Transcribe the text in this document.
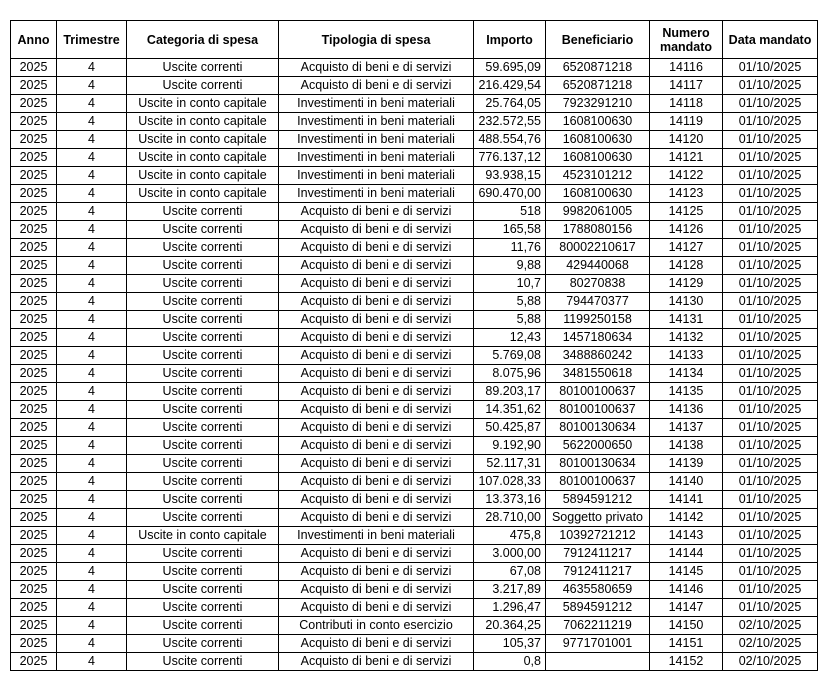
Anno	Trimestre	Categoria di spesa	Tipologia di spesa	Importo	Beneficiario	Numero mandato	Data mandato
2025	4	Uscite correnti	Acquisto di beni e di servizi	59.695,09	6520871218	14116	01/10/2025
2025	4	Uscite correnti	Acquisto di beni e di servizi	216.429,54	6520871218	14117	01/10/2025
2025	4	Uscite in conto capitale	Investimenti in beni materiali	25.764,05	7923291210	14118	01/10/2025
2025	4	Uscite in conto capitale	Investimenti in beni materiali	232.572,55	1608100630	14119	01/10/2025
2025	4	Uscite in conto capitale	Investimenti in beni materiali	488.554,76	1608100630	14120	01/10/2025
2025	4	Uscite in conto capitale	Investimenti in beni materiali	776.137,12	1608100630	14121	01/10/2025
2025	4	Uscite in conto capitale	Investimenti in beni materiali	93.938,15	4523101212	14122	01/10/2025
2025	4	Uscite in conto capitale	Investimenti in beni materiali	690.470,00	1608100630	14123	01/10/2025
2025	4	Uscite correnti	Acquisto di beni e di servizi	518	9982061005	14125	01/10/2025
2025	4	Uscite correnti	Acquisto di beni e di servizi	165,58	1788080156	14126	01/10/2025
2025	4	Uscite correnti	Acquisto di beni e di servizi	11,76	80002210617	14127	01/10/2025
2025	4	Uscite correnti	Acquisto di beni e di servizi	9,88	429440068	14128	01/10/2025
2025	4	Uscite correnti	Acquisto di beni e di servizi	10,7	80270838	14129	01/10/2025
2025	4	Uscite correnti	Acquisto di beni e di servizi	5,88	794470377	14130	01/10/2025
2025	4	Uscite correnti	Acquisto di beni e di servizi	5,88	1199250158	14131	01/10/2025
2025	4	Uscite correnti	Acquisto di beni e di servizi	12,43	1457180634	14132	01/10/2025
2025	4	Uscite correnti	Acquisto di beni e di servizi	5.769,08	3488860242	14133	01/10/2025
2025	4	Uscite correnti	Acquisto di beni e di servizi	8.075,96	3481550618	14134	01/10/2025
2025	4	Uscite correnti	Acquisto di beni e di servizi	89.203,17	80100100637	14135	01/10/2025
2025	4	Uscite correnti	Acquisto di beni e di servizi	14.351,62	80100100637	14136	01/10/2025
2025	4	Uscite correnti	Acquisto di beni e di servizi	50.425,87	80100130634	14137	01/10/2025
2025	4	Uscite correnti	Acquisto di beni e di servizi	9.192,90	5622000650	14138	01/10/2025
2025	4	Uscite correnti	Acquisto di beni e di servizi	52.117,31	80100130634	14139	01/10/2025
2025	4	Uscite correnti	Acquisto di beni e di servizi	107.028,33	80100100637	14140	01/10/2025
2025	4	Uscite correnti	Acquisto di beni e di servizi	13.373,16	5894591212	14141	01/10/2025
2025	4	Uscite correnti	Acquisto di beni e di servizi	28.710,00	Soggetto privato	14142	01/10/2025
2025	4	Uscite in conto capitale	Investimenti in beni materiali	475,8	10392721212	14143	01/10/2025
2025	4	Uscite correnti	Acquisto di beni e di servizi	3.000,00	7912411217	14144	01/10/2025
2025	4	Uscite correnti	Acquisto di beni e di servizi	67,08	7912411217	14145	01/10/2025
2025	4	Uscite correnti	Acquisto di beni e di servizi	3.217,89	4635580659	14146	01/10/2025
2025	4	Uscite correnti	Acquisto di beni e di servizi	1.296,47	5894591212	14147	01/10/2025
2025	4	Uscite correnti	Contributi in conto esercizio	20.364,25	7062211219	14150	02/10/2025
2025	4	Uscite correnti	Acquisto di beni e di servizi	105,37	9771701001	14151	02/10/2025
2025	4	Uscite correnti	Acquisto di beni e di servizi	0,8		14152	02/10/2025
